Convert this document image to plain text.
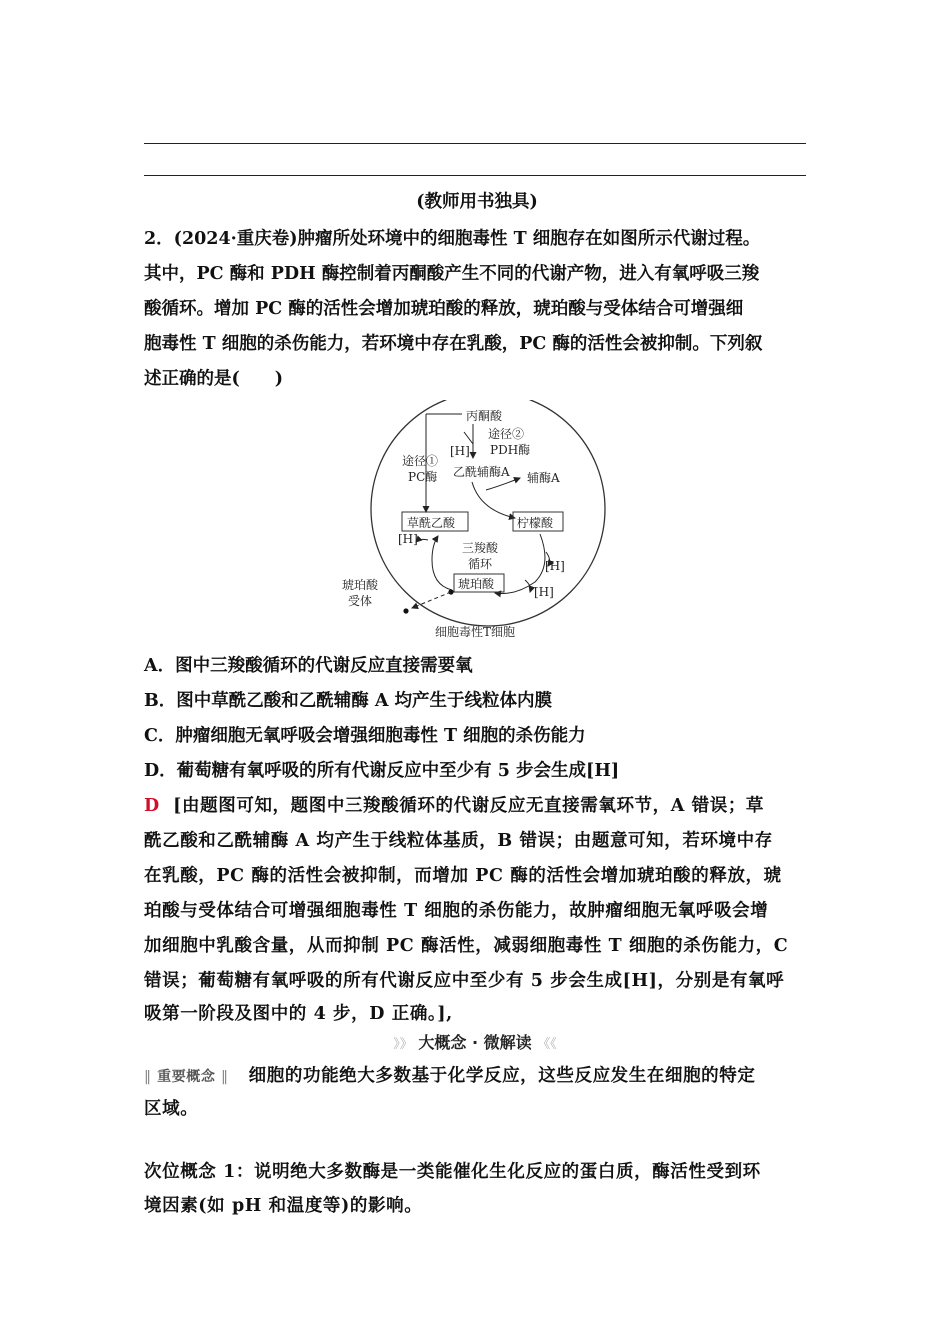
(教师用书独具)
2．(2024·重庆卷)肿瘤所处环境中的细胞毒性 T 细胞存在如图所示代谢过程。
其中，PC 酶和 PDH 酶控制着丙酮酸产生不同的代谢产物，进入有氧呼吸三羧
酸循环。增加 PC 酶的活性会增加琥珀酸的释放，琥珀酸与受体结合可增强细
胞毒性 T 细胞的杀伤能力，若环境中存在乳酸，PC 酶的活性会被抑制。下列叙
述正确的是(　　)
丙酮酸
[H]
途径②
PDH酶
途径①
PC酶 乙酰辅酶A 辅酶A
草酰乙酸	柠檬酸
三羧酸
循环
琥珀酸
[H]
[H]
[H]
琥珀酸
受体
细胞毒性T细胞
A．图中三羧酸循环的代谢反应直接需要氧
B．图中草酰乙酸和乙酰辅酶 A 均产生于线粒体内膜
C．肿瘤细胞无氧呼吸会增强细胞毒性 T 细胞的杀伤能力
D．葡萄糖有氧呼吸的所有代谢反应中至少有 5 步会生成[H]
D [由题图可知，题图中三羧酸循环的代谢反应无直接需氧环节，A 错误；草
酰乙酸和乙酰辅酶 A 均产生于线粒体基质，B 错误；由题意可知，若环境中存
在乳酸，PC 酶的活性会被抑制，而增加 PC 酶的活性会增加琥珀酸的释放，琥
珀酸与受体结合可增强细胞毒性 T 细胞的杀伤能力，故肿瘤细胞无氧呼吸会增
加细胞中乳酸含量，从而抑制 PC 酶活性，减弱细胞毒性 T 细胞的杀伤能力，C
错误；葡萄糖有氧呼吸的所有代谢反应中至少有 5 步会生成[H]，分别是有氧呼
吸第一阶段及图中的 4 步，D 正确。],
》》 大概念 · 微解读 《《
‖ 重要概念 ‖ 细胞的功能绝大多数基于化学反应，这些反应发生在细胞的特定
区域。
次位概念 1：说明绝大多数酶是一类能催化生化反应的蛋白质，酶活性受到环
境因素(如 pH 和温度等)的影响。
